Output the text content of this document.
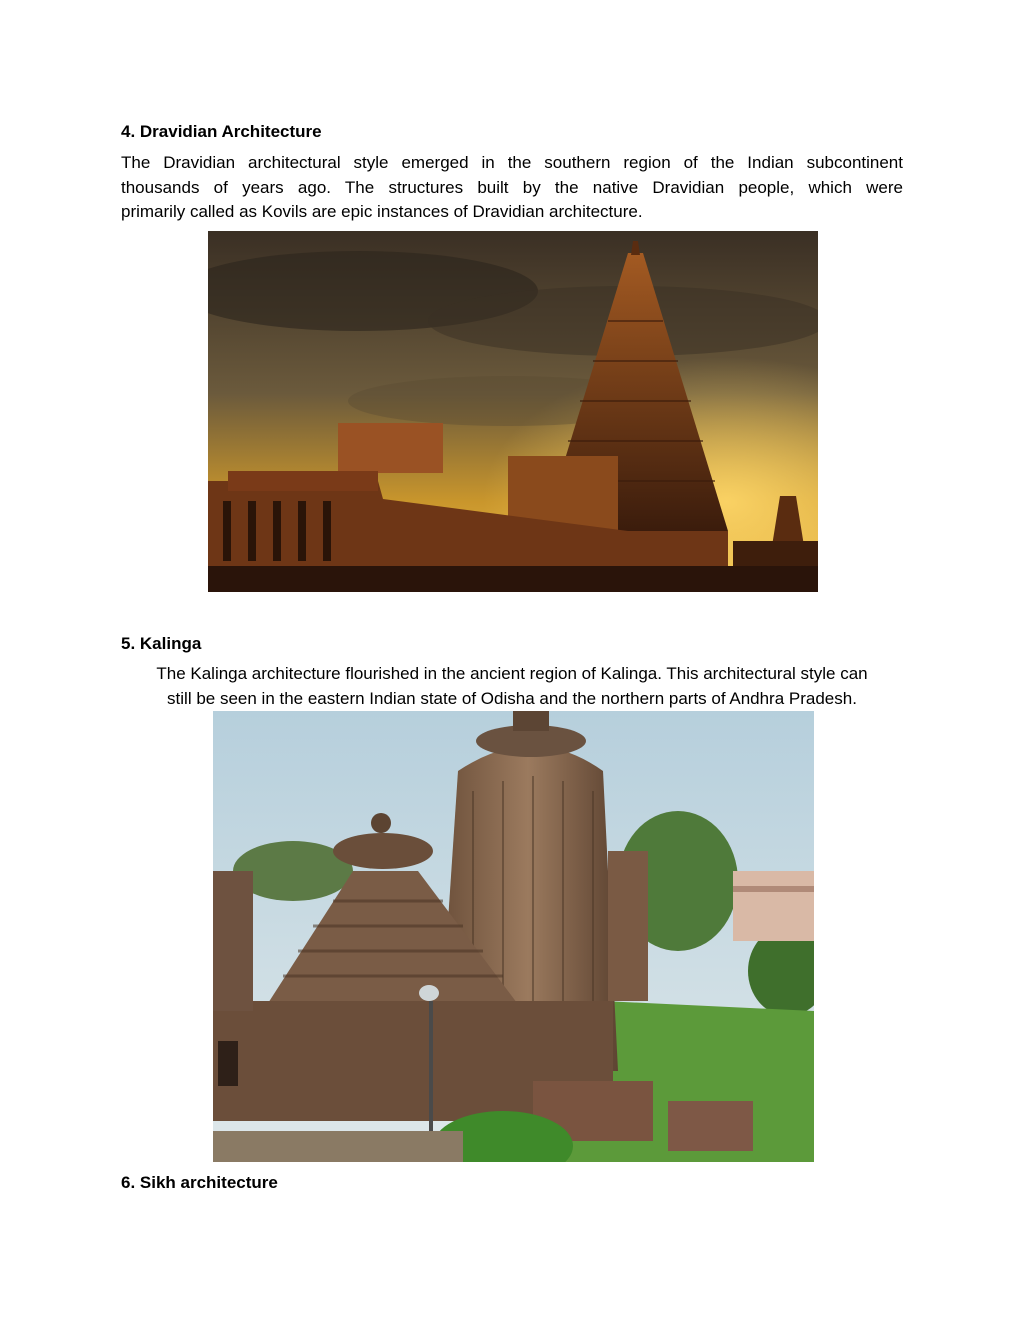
4. Dravidian Architecture
The Dravidian architectural style emerged in the southern region of the Indian subcontinent
thousands of years ago. The structures built by the native Dravidian people, which were
primarily called as Kovils are epic instances of Dravidian architecture.
5. Kalinga
The Kalinga architecture flourished in the ancient region of Kalinga. This architectural style can
still be seen in the eastern Indian state of Odisha and the northern parts of Andhra Pradesh.
6. Sikh architecture
